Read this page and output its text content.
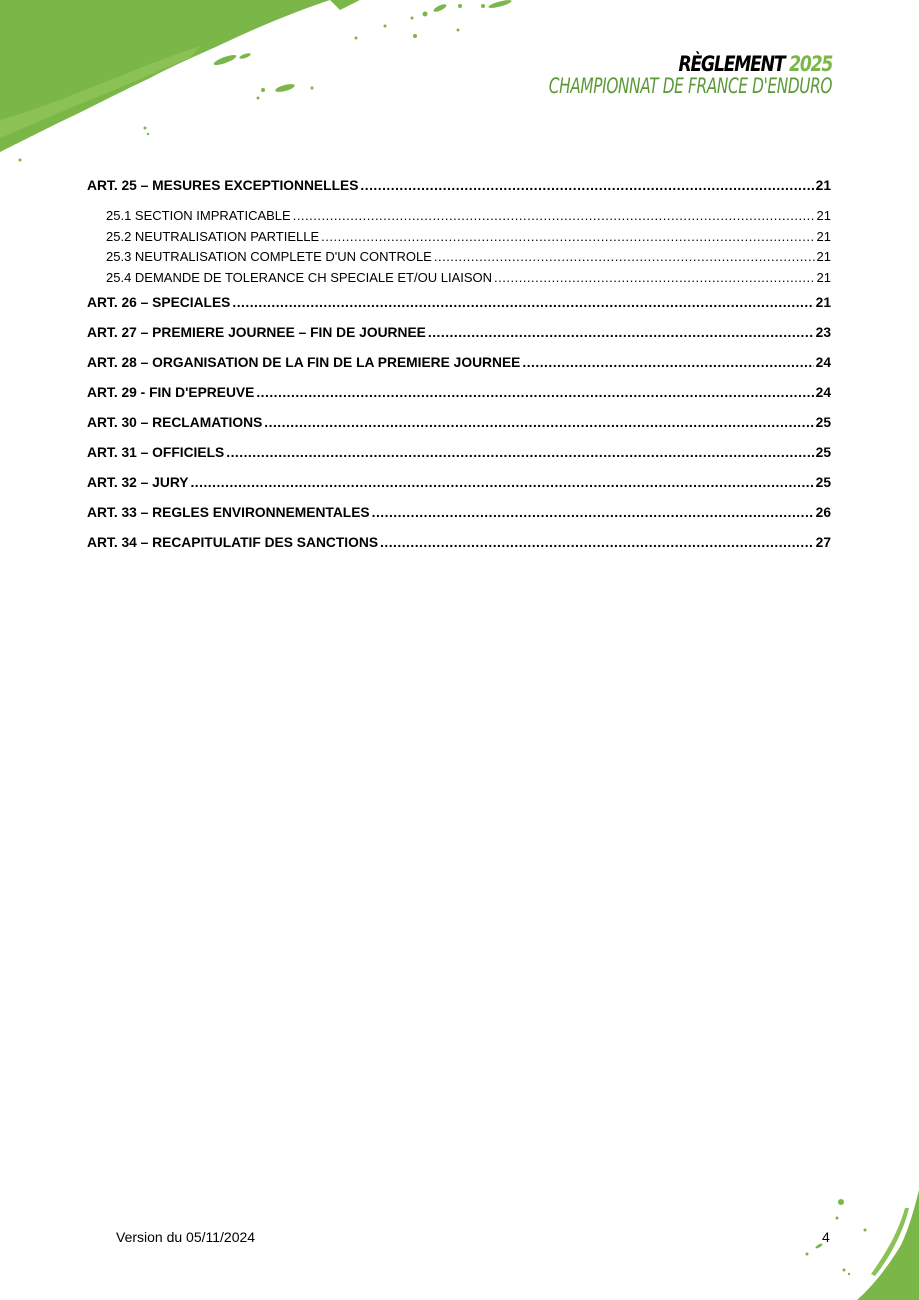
RÈGLEMENT 2025
CHAMPIONNAT DE FRANCE D'ENDURO
ART. 25 – MESURES EXCEPTIONNELLES .....	21
25.1 SECTION IMPRATICABLE .....	21
25.2 NEUTRALISATION PARTIELLE .....	21
25.3 NEUTRALISATION COMPLETE D'UN CONTROLE .....	21
25.4 DEMANDE DE TOLERANCE CH SPECIALE ET/OU LIAISON .....	21
ART. 26 – SPECIALES .....	21
ART. 27 – PREMIERE JOURNEE – FIN DE JOURNEE .....	23
ART. 28 – ORGANISATION DE LA FIN DE LA PREMIERE JOURNEE .....	24
ART. 29 - FIN D'EPREUVE .....	24
ART. 30 – RECLAMATIONS .....	25
ART. 31 – OFFICIELS .....	25
ART. 32 – JURY .....	25
ART. 33 – REGLES ENVIRONNEMENTALES .....	26
ART. 34 – RECAPITULATIF DES SANCTIONS .....	27
Version du 05/11/2024	4
